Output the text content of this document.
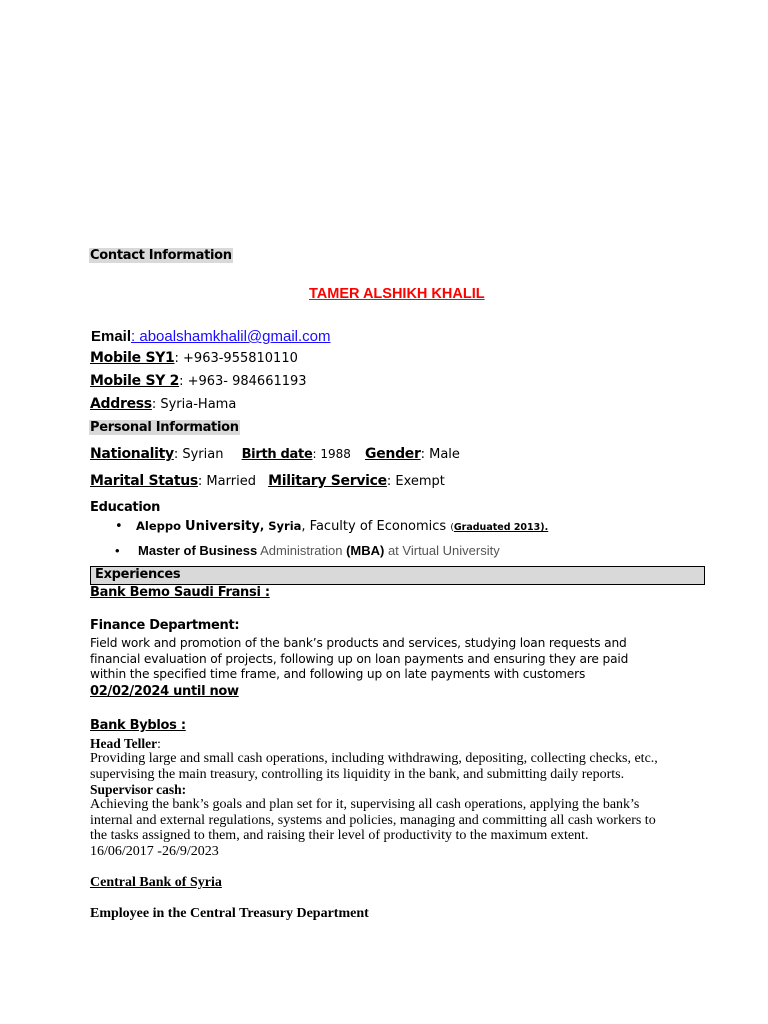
Contact Information
TAMER ALSHIKH KHALIL
Email: aboalshamkhalil@gmail.com
Mobile SY1: +963-955810110
Mobile SY 2: +963- 984661193
Address: Syria-Hama
Personal Information
Nationality: Syrian Birth date: 1988 Gender: Male
Marital Status: Married Military Service: Exempt
Education
• Aleppo University, Syria, Faculty of Economics (Graduated 2013).
• Master of Business Administration (MBA) at Virtual University
Experiences
Bank Bemo Saudi Fransi :
Finance Department:
Field work and promotion of the bank’s products and services, studying loan requests and
financial evaluation of projects, following up on loan payments and ensuring they are paid
within the specified time frame, and following up on late payments with customers
02/02/2024 until now
Bank Byblos :
Head Teller:
Providing large and small cash operations, including withdrawing, depositing, collecting checks, etc.,
supervising the main treasury, controlling its liquidity in the bank, and submitting daily reports.
Supervisor cash:
Achieving the bank’s goals and plan set for it, supervising all cash operations, applying the bank’s
internal and external regulations, systems and policies, managing and committing all cash workers to
the tasks assigned to them, and raising their level of productivity to the maximum extent.
16/06/2017 -26/9/2023
Central Bank of Syria
Employee in the Central Treasury Department
